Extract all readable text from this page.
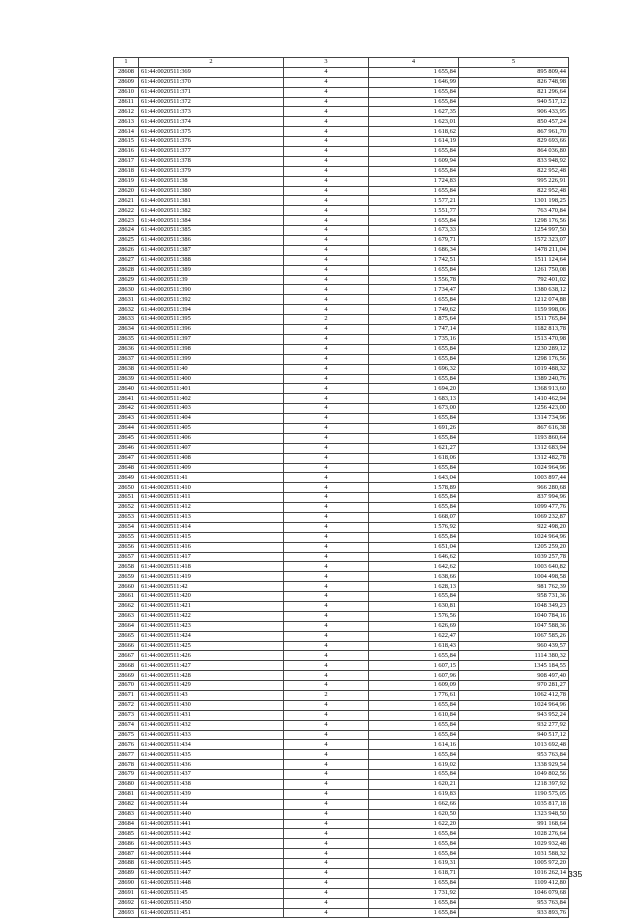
1	2	3	4	5
28608	61:44:0020511:369	4	1 655,84	895 809,44
28609	61:44:0020511:370	4	1 646,99	826 748,98
28610	61:44:0020511:371	4	1 655,84	821 296,64
28611	61:44:0020511:372	4	1 655,84	940 517,12
28612	61:44:0020511:373	4	1 627,35	906 433,95
28613	61:44:0020511:374	4	1 623,01	850 457,24
28614	61:44:0020511:375	4	1 618,62	867 961,70
28615	61:44:0020511:376	4	1 614,19	829 693,66
28616	61:44:0020511:377	4	1 655,84	864 036,80
28617	61:44:0020511:378	4	1 609,94	833 948,92
28618	61:44:0020511:379	4	1 655,84	822 952,48
28619	61:44:0020511:38	4	1 724,83	995 226,91
28620	61:44:0020511:380	4	1 655,84	822 952,48
28621	61:44:0020511:381	4	1 577,21	1301 198,25
28622	61:44:0020511:382	4	1 551,77	763 470,84
28623	61:44:0020511:384	4	1 655,84	1298 176,56
28624	61:44:0020511:385	4	1 673,33	1254 997,50
28625	61:44:0020511:386	4	1 679,71	1572 323,07
28626	61:44:0020511:387	4	1 686,34	1478 211,04
28627	61:44:0020511:388	4	1 742,51	1511 124,64
28628	61:44:0020511:389	4	1 655,84	1261 750,08
28629	61:44:0020511:39	4	1 556,78	792 401,02
28630	61:44:0020511:390	4	1 734,47	1380 638,12
28631	61:44:0020511:392	4	1 655,84	1212 074,88
28632	61:44:0020511:394	4	1 749,62	1159 998,06
28633	61:44:0020511:395	2	1 875,64	1511 765,84
28634	61:44:0020511:396	4	1 747,14	1182 813,78
28635	61:44:0020511:397	4	1 735,16	1513 470,98
28636	61:44:0020511:398	4	1 655,84	1230 289,12
28637	61:44:0020511:399	4	1 655,84	1298 176,56
28638	61:44:0020511:40	4	1 696,32	1019 488,32
28639	61:44:0020511:400	4	1 655,84	1389 240,76
28640	61:44:0020511:401	4	1 694,20	1368 913,60
28641	61:44:0020511:402	4	1 683,13	1410 462,94
28642	61:44:0020511:403	4	1 673,00	1256 423,00
28643	61:44:0020511:404	4	1 655,84	1314 734,96
28644	61:44:0020511:405	4	1 691,26	867 616,38
28645	61:44:0020511:406	4	1 655,84	1193 860,64
28646	61:44:0020511:407	4	1 621,27	1312 683,94
28647	61:44:0020511:408	4	1 618,06	1312 482,78
28648	61:44:0020511:409	4	1 655,84	1024 964,96
28649	61:44:0020511:41	4	1 643,04	1003 897,44
28650	61:44:0020511:410	4	1 578,89	966 280,68
28651	61:44:0020511:411	4	1 655,84	837 994,96
28652	61:44:0020511:412	4	1 655,84	1099 477,76
28653	61:44:0020511:413	4	1 668,07	1069 232,87
28654	61:44:0020511:414	4	1 576,92	922 498,20
28655	61:44:0020511:415	4	1 655,84	1024 964,96
28656	61:44:0020511:416	4	1 651,04	1205 259,20
28657	61:44:0020511:417	4	1 646,62	1039 257,78
28658	61:44:0020511:418	4	1 642,62	1003 640,82
28659	61:44:0020511:419	4	1 638,66	1004 498,58
28660	61:44:0020511:42	4	1 628,13	981 762,39
28661	61:44:0020511:420	4	1 655,84	958 731,36
28662	61:44:0020511:421	4	1 630,81	1048 349,23
28663	61:44:0020511:422	4	1 576,56	1040 784,16
28664	61:44:0020511:423	4	1 626,69	1047 588,36
28665	61:44:0020511:424	4	1 622,47	1067 585,26
28666	61:44:0020511:425	4	1 618,43	960 439,57
28667	61:44:0020511:426	4	1 655,84	1114 380,32
28668	61:44:0020511:427	4	1 607,15	1345 184,55
28669	61:44:0020511:428	4	1 607,96	908 497,40
28670	61:44:0020511:429	4	1 609,09	970 281,27
28671	61:44:0020511:43	2	1 776,61	1062 412,78
28672	61:44:0020511:430	4	1 655,84	1024 964,96
28673	61:44:0020511:431	4	1 610,84	943 952,24
28674	61:44:0020511:432	4	1 655,84	932 277,92
28675	61:44:0020511:433	4	1 655,84	940 517,12
28676	61:44:0020511:434	4	1 614,16	1013 692,48
28677	61:44:0020511:435	4	1 655,84	953 763,84
28678	61:44:0020511:436	4	1 619,02	1338 929,54
28679	61:44:0020511:437	4	1 655,84	1049 802,56
28680	61:44:0020511:438	4	1 620,21	1218 397,92
28681	61:44:0020511:439	4	1 619,83	1190 575,05
28682	61:44:0020511:44	4	1 662,66	1035 817,18
28683	61:44:0020511:440	4	1 620,50	1323 948,50
28684	61:44:0020511:441	4	1 622,20	991 168,64
28685	61:44:0020511:442	4	1 655,84	1028 276,64
28686	61:44:0020511:443	4	1 655,84	1029 932,48
28687	61:44:0020511:444	4	1 655,84	1031 588,32
28688	61:44:0020511:445	4	1 619,31	1005 972,20
28689	61:44:0020511:447	4	1 618,71	1016 262,14
28690	61:44:0020511:448	4	1 655,84	1109 412,80
28691	61:44:0020511:45	4	1 731,92	1046 079,68
28692	61:44:0020511:450	4	1 655,84	953 763,84
28693	61:44:0020511:451	4	1 655,84	933 893,76
335
